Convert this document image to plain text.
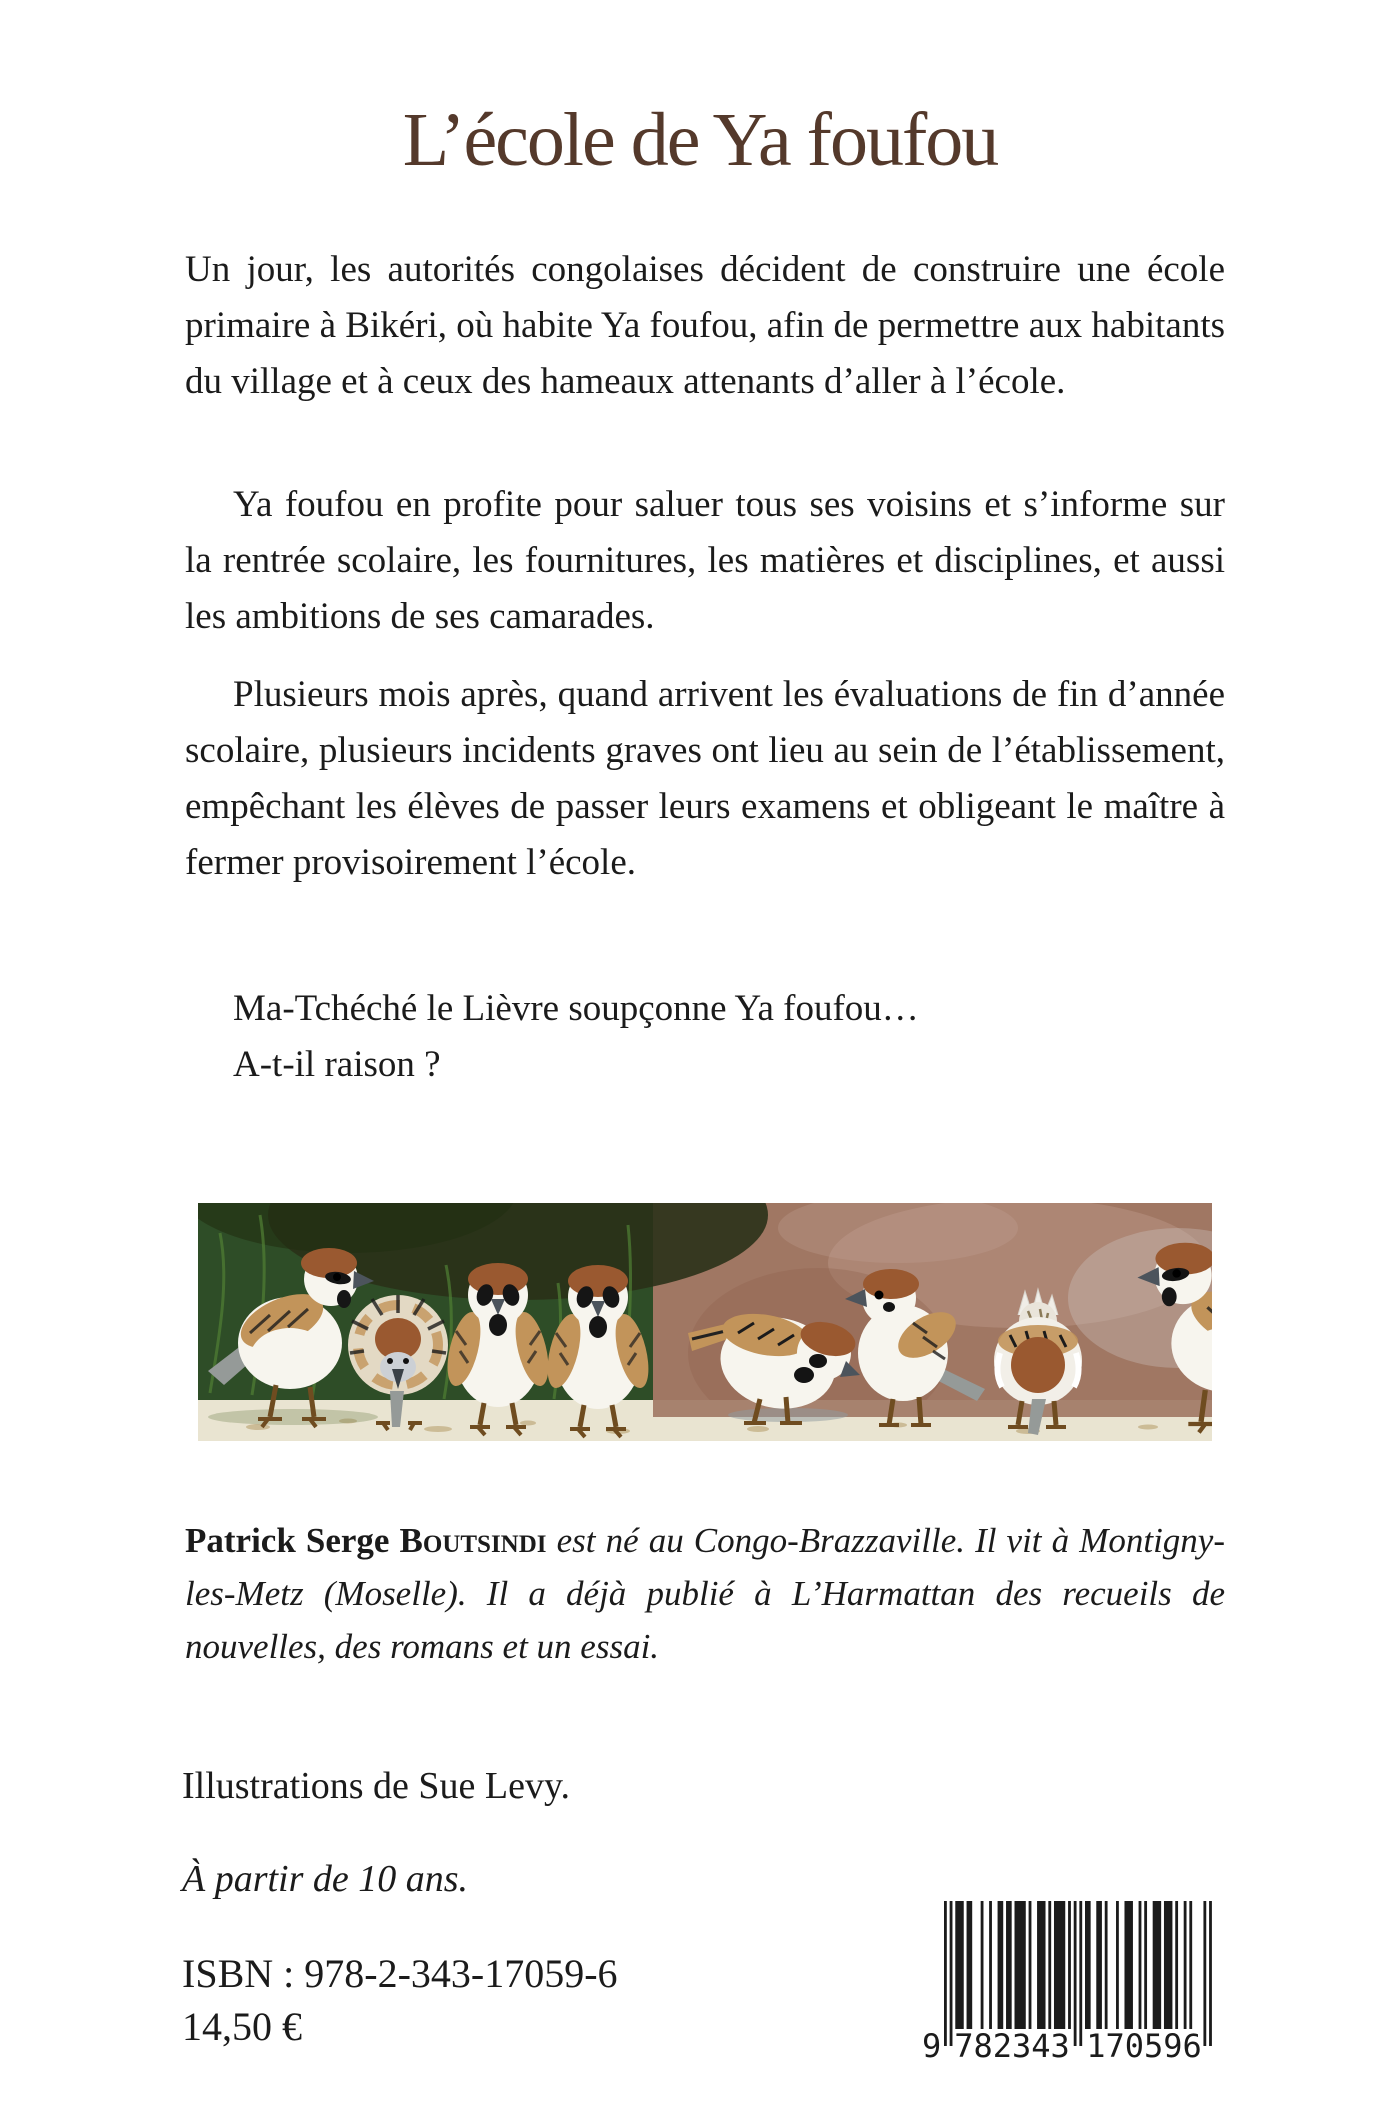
L’école de Ya foufou

Un jour, les autorités congolaises décident de construire une école primaire à Bikéri, où habite Ya foufou, afin de permettre aux habitants du village et à ceux des hameaux attenants d’aller à l’école.

Ya foufou en profite pour saluer tous ses voisins et s’informe sur la rentrée scolaire, les fournitures, les matières et disciplines, et aussi les ambitions de ses camarades.

Plusieurs mois après, quand arrivent les évaluations de fin d’année scolaire, plusieurs incidents graves ont lieu au sein de l’établissement, empêchant les élèves de passer leurs examens et obligeant le maître à fermer provisoirement l’école.

Ma-Tchéché le Lièvre soupçonne Ya foufou…
A-t-il raison ?

Patrick Serge Boutsindi est né au Congo-Brazzaville. Il vit à Montigny-les-Metz (Moselle). Il a déjà publié à L’Harmattan des recueils de nouvelles, des romans et un essai.

Illustrations de Sue Levy.

À partir de 10 ans.

ISBN : 978-2-343-17059-6

14,50 €	9 782343 170596
